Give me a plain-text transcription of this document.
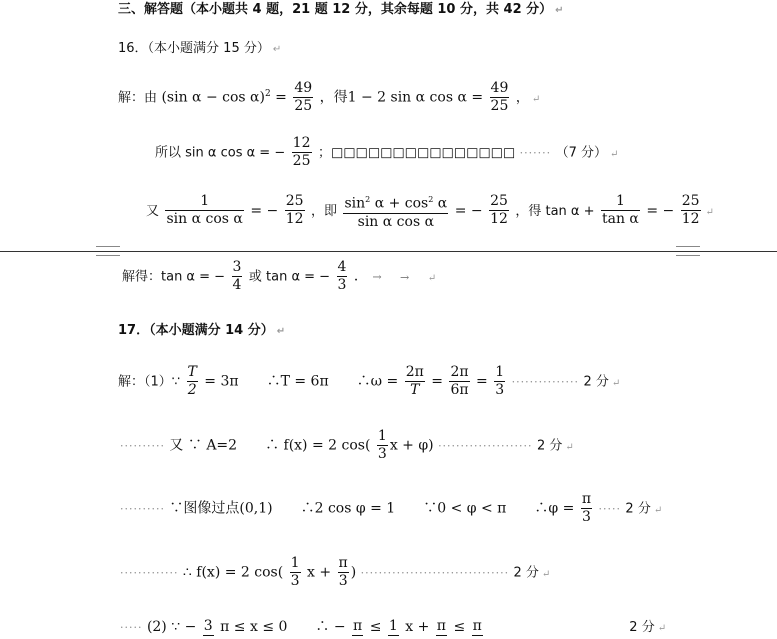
三、解答题（本小题共 4 题，21 题 12 分，其余每题 10 分，共 42 分） ↵
16．（本小题满分 15 分） ↵
解：由 (sin $\alpha - \cos \alpha)^2 = \frac{49}{25}$ ，得1 − 2 sin α $\cos \alpha = \frac{49}{25}$ ， ↵
所以 sin α cos α = − $\frac{12}{25}$ ；□□□□□□□□□□□□□□□ ······· （7 分） ↵
又 $\frac{1}{\text{sin α cos α}}$ = − $\frac{25}{12}$ ，即 $\frac{\sin^2 \alpha + \cos^2 \alpha}{\text{sin α cos α}}$ = − $\frac{25}{12}$ ，得 $\tan \alpha + \frac{1}{\text{tan α}}$ = − $\frac{25}{12}$ ↵
解得：tan α = − $\frac{3}{4}$ 或 tan α = − $\frac{4}{3}$ ． → → ↵
17．（本小题满分 14 分） ↵
解：（1）∵ $\frac{T}{2} = 3\pi$　　∴T = 6π　　∴ω = $\frac{2\pi}{T} = \frac{2\pi}{6\pi} = \frac{1}{3}$ ··············· 2 分 ↵
·········· 又 ∵ A=2　　∴ f(x) = 2 $\cos( \frac{1}{3}$ x + φ) ····················· 2 分 ↵
·········· ∵图像过点(0,1)　　∴2 cos φ = 1　　∵0 < φ < π　　∴φ = $\frac{\pi}{3}$ ····· 2 分 ↵
············· ∴ f(x) = 2 $\cos( \frac{1}{3}$ $x + \frac{\pi}{3}$ ) ································· 2 分 ↵
····· (2) ∵ − 3 π ≤ x ≤ 0　　∴ − π ≤ 1 x + π ≤ π	2 分 ↵
